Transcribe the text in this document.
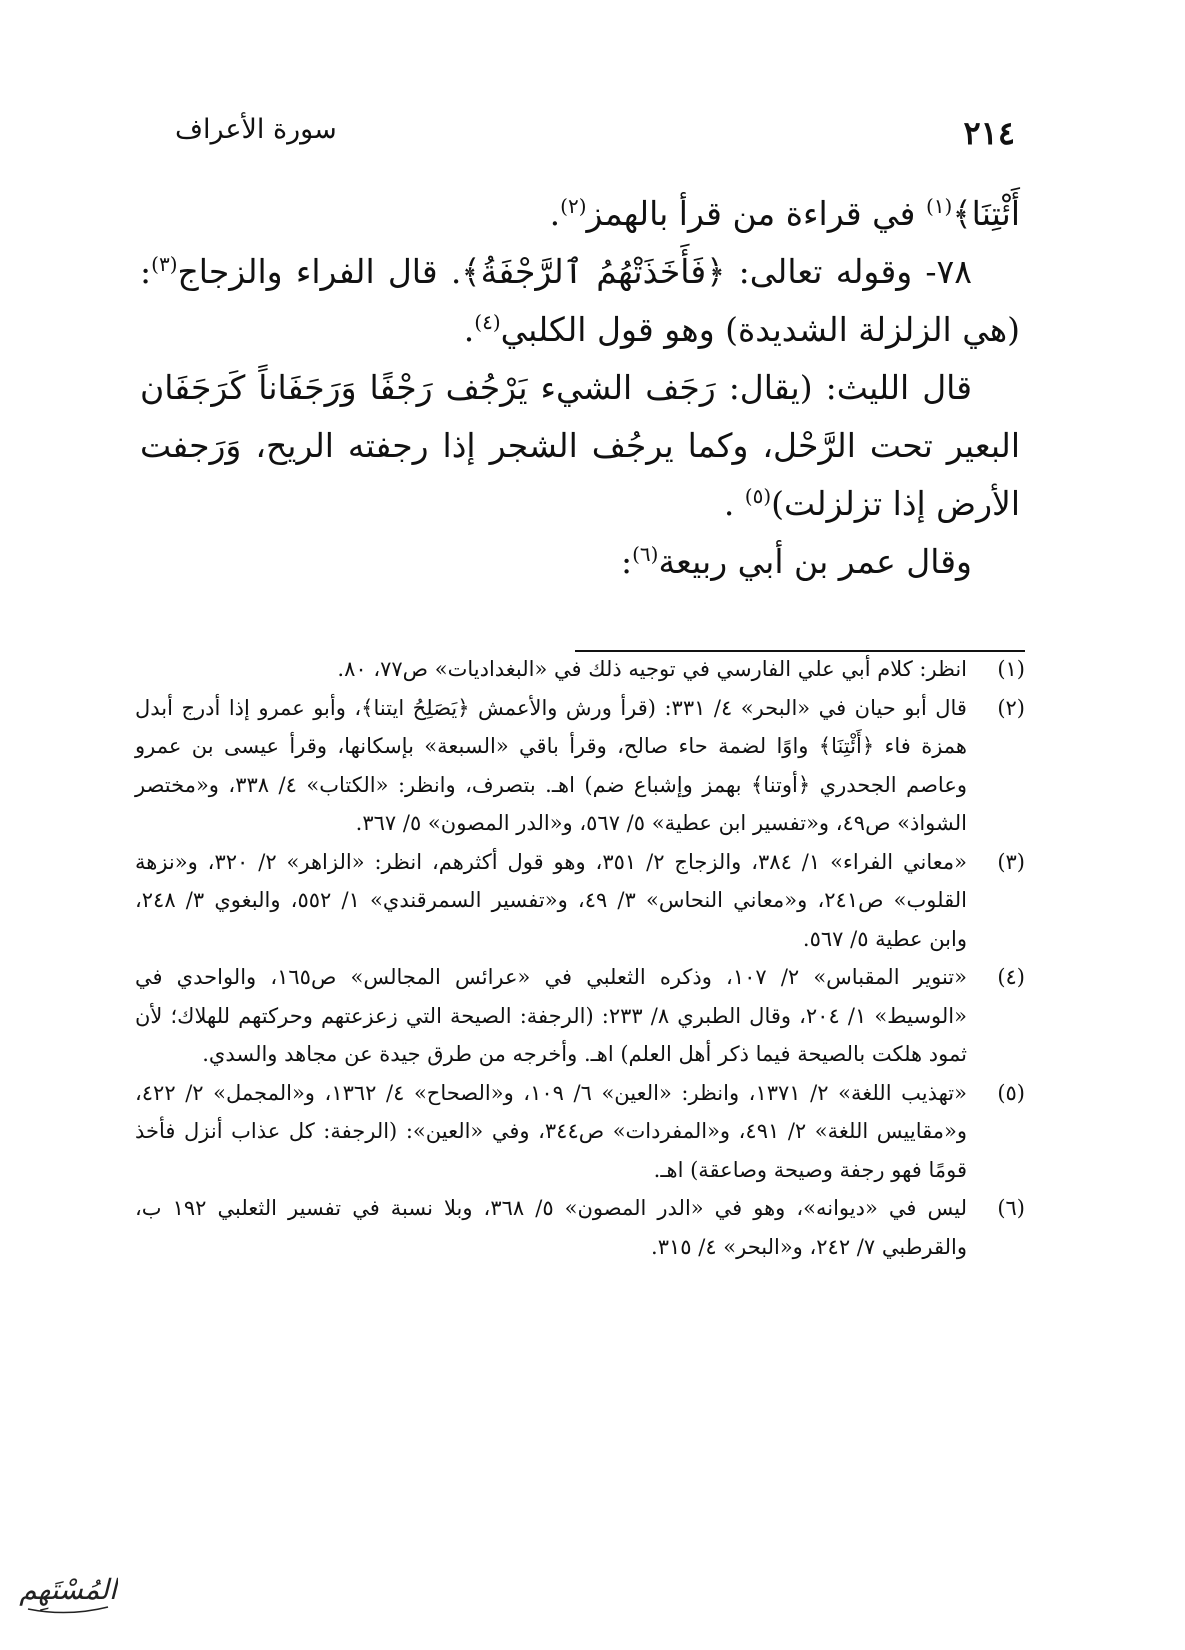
سورة الأعراف	٢١٤

أَئْتِنَا﴾$^{(١)}$ في قراءة من قرأ بالهمز$^{(٢)}$.

٧٨- وقوله تعالى: ﴿فَأَخَذَتْهُمُ ٱلرَّجْفَةُ﴾. قال الفراء والزجاج$^{(٣)}$: (هي الزلزلة الشديدة) وهو قول الكلبي$^{(٤)}$.

قال الليث: (يقال: رَجَف الشيء يَرْجُف رَجْفًا وَرَجَفَاناً كَرَجَفَان البعير تحت الرَّحْل، وكما يرجُف الشجر إذا رجفته الريح، وَرَجفت الأرض إذا تزلزلت)$^{(٥)}$ .

وقال عمر بن أبي ربيعة$^{(٦)}$:

(١)
انظر: كلام أبي علي الفارسي في توجيه ذلك في «البغداديات» ص٧٧، ٨٠.
(٢)
قال أبو حيان في «البحر» ٤/ ٣٣١: (قرأ ورش والأعمش ﴿يَصَلِحُ ايتنا﴾، وأبو عمرو إذا أدرج أبدل همزة فاء ﴿أَئْتِنَا﴾ واوًا لضمة حاء صالح، وقرأ باقي «السبعة» بإسكانها، وقرأ عيسى بن عمرو وعاصم الجحدري ﴿أوتنا﴾ بهمز وإشباع ضم) اهـ. بتصرف، وانظر: «الكتاب» ٤/ ٣٣٨، و«مختصر الشواذ» ص٤٩، و«تفسير ابن عطية» ٥/ ٥٦٧، و«الدر المصون» ٥/ ٣٦٧.
(٣)
«معاني الفراء» ١/ ٣٨٤، والزجاج ٢/ ٣٥١، وهو قول أكثرهم، انظر: «الزاهر» ٢/ ٣٢٠، و«نزهة القلوب» ص٢٤١، و«معاني النحاس» ٣/ ٤٩، و«تفسير السمرقندي» ١/ ٥٥٢، والبغوي ٣/ ٢٤٨، وابن عطية ٥/ ٥٦٧.
(٤)
«تنوير المقباس» ٢/ ١٠٧، وذكره الثعلبي في «عرائس المجالس» ص١٦٥، والواحدي في «الوسيط» ١/ ٢٠٤، وقال الطبري ٨/ ٢٣٣: (الرجفة: الصيحة التي زعزعتهم وحركتهم للهلاك؛ لأن ثمود هلكت بالصيحة فيما ذكر أهل العلم) اهـ. وأخرجه من طرق جيدة عن مجاهد والسدي.
(٥)
«تهذيب اللغة» ٢/ ١٣٧١، وانظر: «العين» ٦/ ١٠٩، و«الصحاح» ٤/ ١٣٦٢، و«المجمل» ٢/ ٤٢٢، و«مقاييس اللغة» ٢/ ٤٩١، و«المفردات» ص٣٤٤، وفي «العين»: (الرجفة: كل عذاب أنزل فأخذ قومًا فهو رجفة وصيحة وصاعقة) اهـ.
(٦)
ليس في «ديوانه»، وهو في «الدر المصون» ٥/ ٣٦٨، وبلا نسبة في تفسير الثعلبي ١٩٢ ب، والقرطبي ٧/ ٢٤٢، و«البحر» ٤/ ٣١٥.
المُسْتَهِم
